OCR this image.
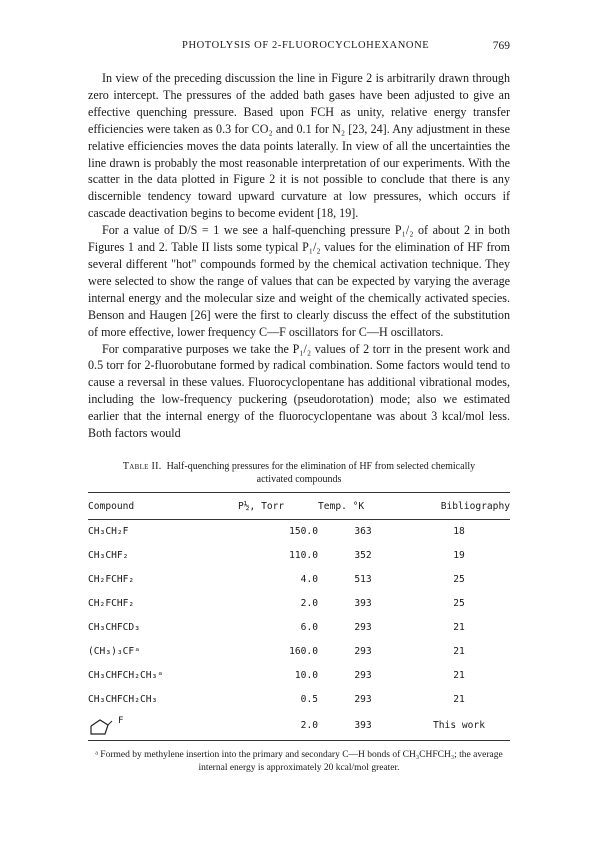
PHOTOLYSIS OF 2-FLUOROCYCLOHEXANONE	769

In view of the preceding discussion the line in Figure 2 is arbitrarily drawn through zero intercept. The pressures of the added bath gases have been adjusted to give an effective quenching pressure. Based upon FCH as unity, relative energy transfer efficiencies were taken as 0.3 for CO₂ and 0.1 for N₂ [23, 24]. Any adjustment in these relative efficiencies moves the data points laterally. In view of all the uncertainties the line drawn is probably the most reasonable interpretation of our experiments. With the scatter in the data plotted in Figure 2 it is not possible to conclude that there is any discernible tendency toward upward curvature at low pressures, which occurs if cascade deactivation begins to become evident [18, 19].

For a value of D/S = 1 we see a half-quenching pressure P₁/₂ of about 2 in both Figures 1 and 2. Table II lists some typical P₁/₂ values for the elimination of HF from several different "hot" compounds formed by the chemical activation technique. They were selected to show the range of values that can be expected by varying the average internal energy and the molecular size and weight of the chemically activated species. Benson and Haugen [26] were the first to clearly discuss the effect of the substitution of more effective, lower frequency C—F oscillators for C—H oscillators.

For comparative purposes we take the P₁/₂ values of 2 torr in the present work and 0.5 torr for 2-fluorobutane formed by radical combination. Some factors would tend to cause a reversal in these values. Fluorocyclopentane has additional vibrational modes, including the low-frequency puckering (pseudorotation) mode; also we estimated earlier that the internal energy of the fluorocyclopentane was about 3 kcal/mol less. Both factors would

Table II. Half-quenching pressures for the elimination of HF from selected chemically activated compounds
Compound	P½, Torr	Temp. °K	Bibliography
CH₃CH₂F	150.0	363	18
CH₃CHF₂	110.0	352	19
CH₂FCHF₂	4.0	513	25
CH₂FCHF₂	2.0	393	25
CH₃CHFCD₃	6.0	293	21
(CH₃)₃CFᵃ	160.0	293	21
CH₃CHFCH₂CH₃ᵃ	10.0	293	21
CH₃CHFCH₂CH₃	0.5	293	21
F	2.0	393	This work
ᵃ Formed by methylene insertion into the primary and secondary C—H bonds of CH₃CHFCH₃; the average internal energy is approximately 20 kcal/mol greater.
